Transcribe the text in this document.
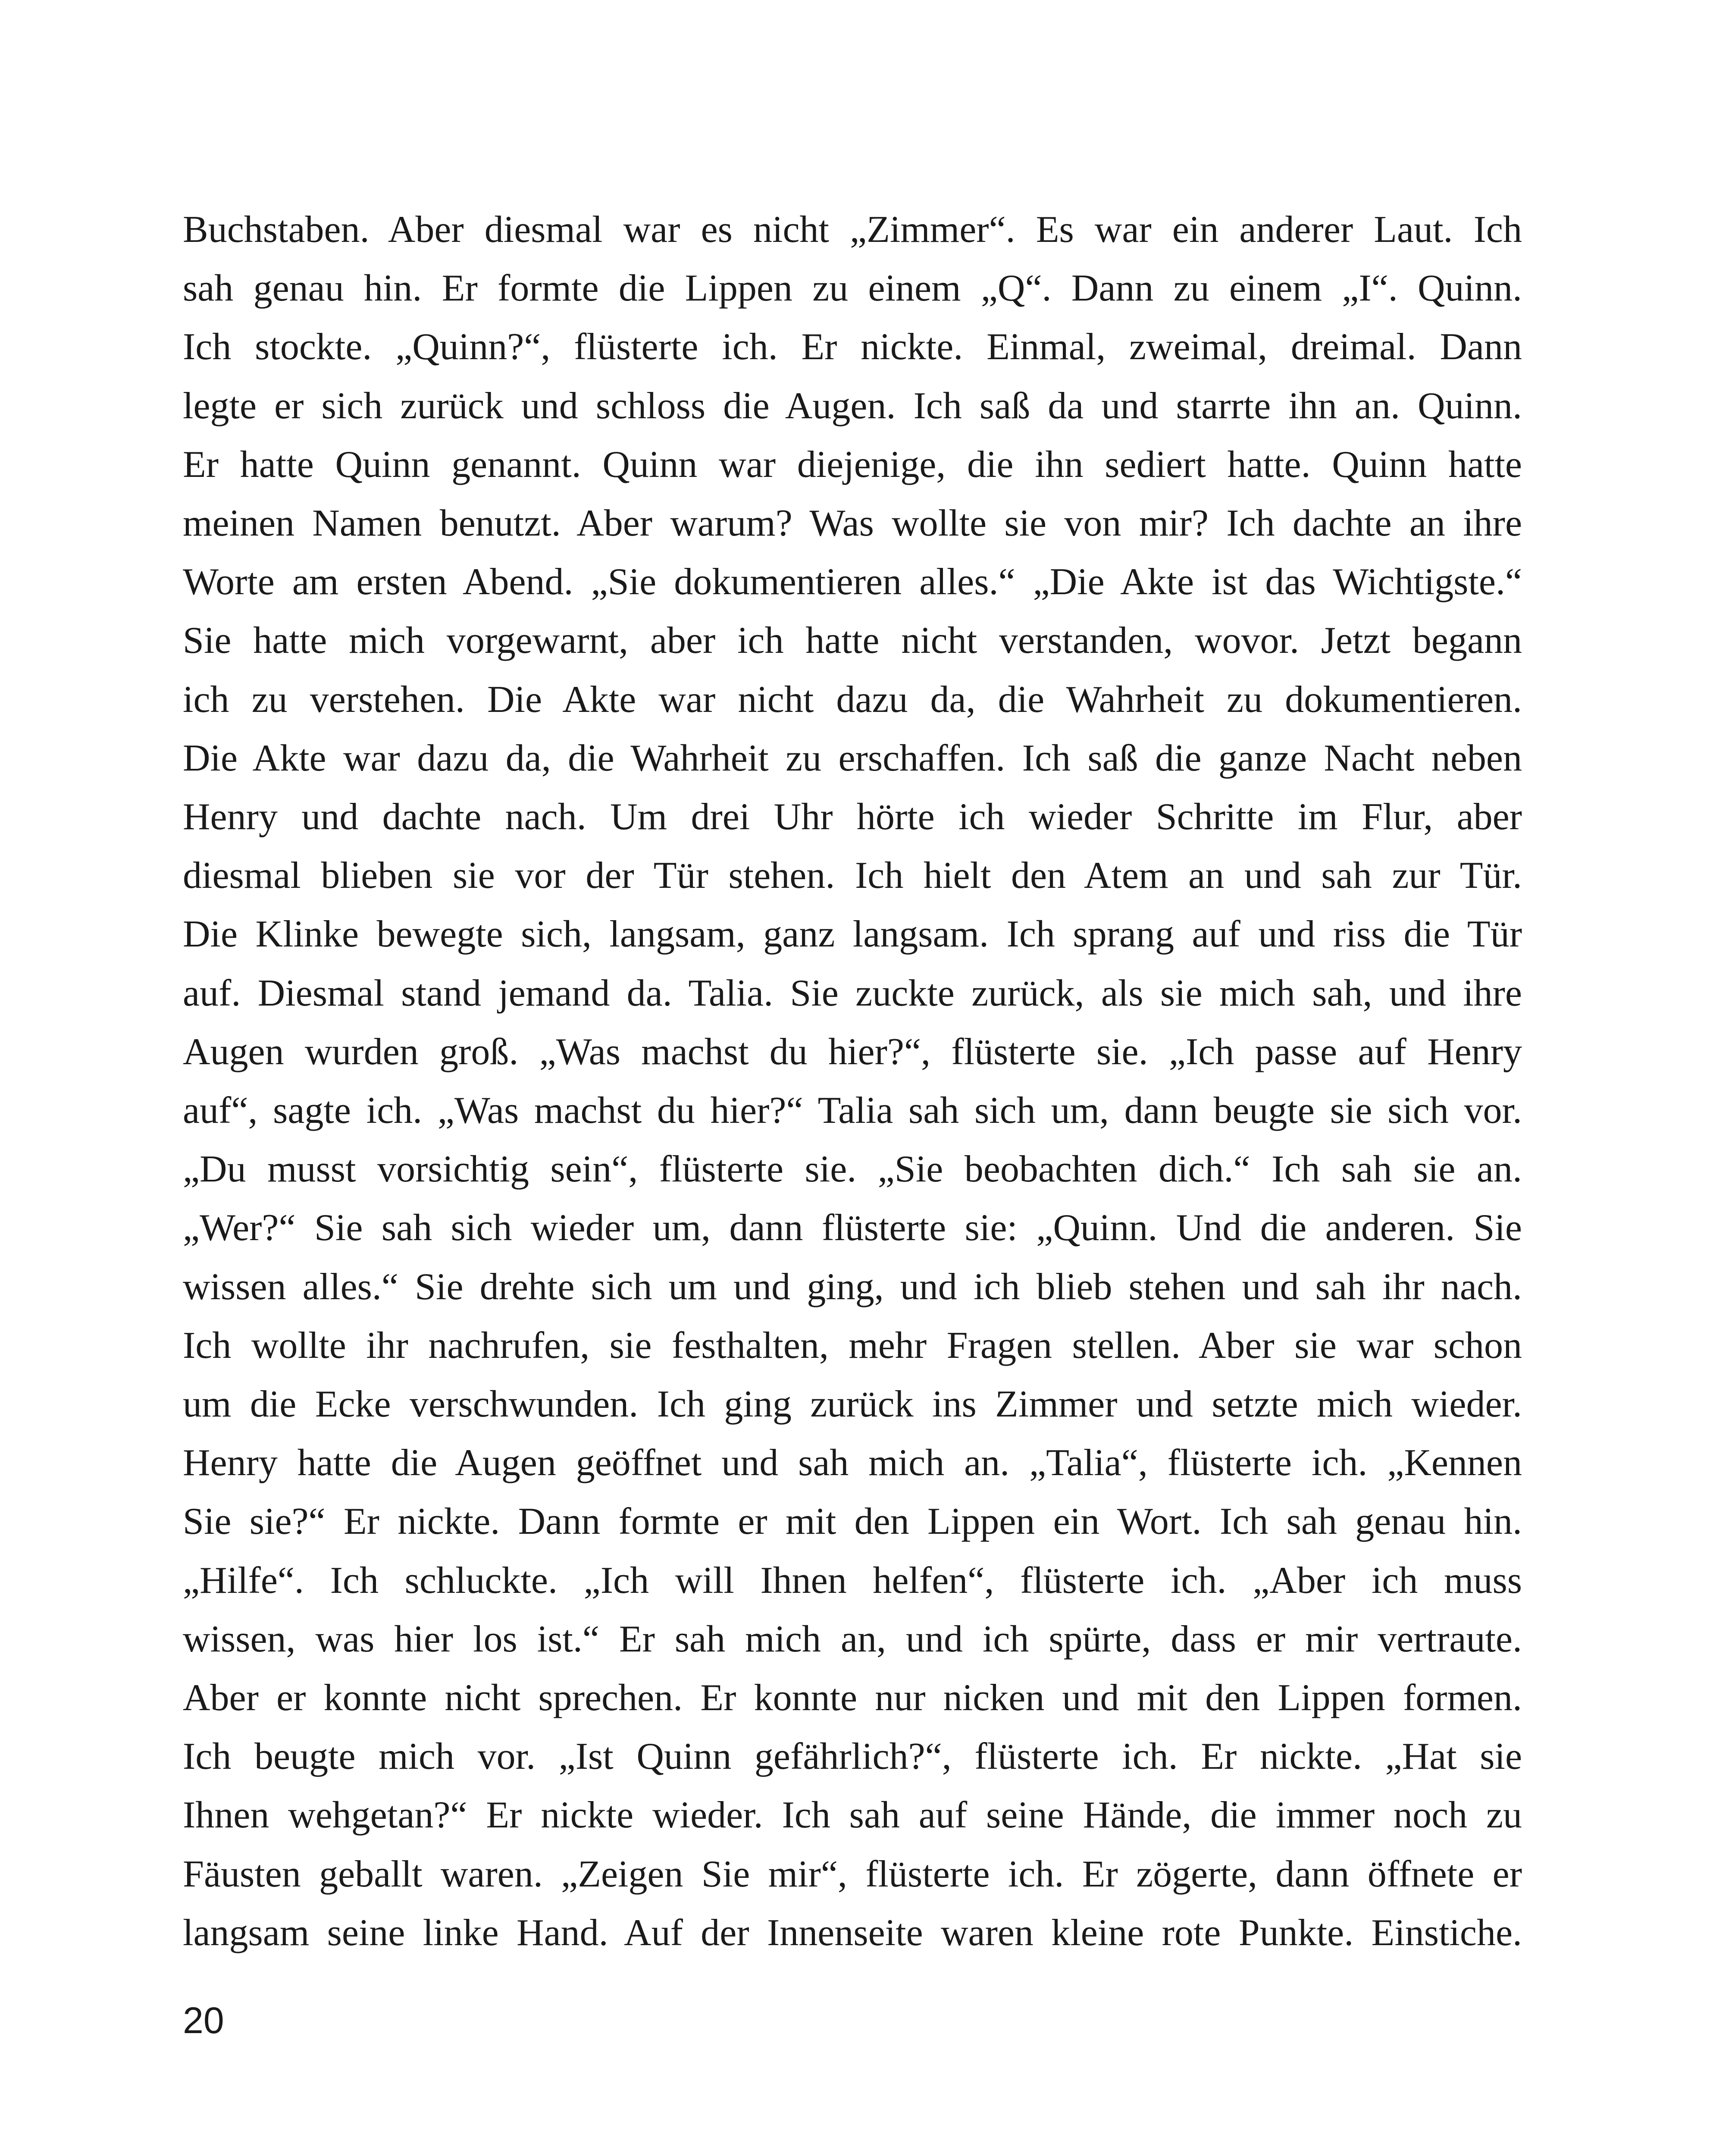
Buchstaben. Aber diesmal war es nicht „Zimmer“. Es war ein anderer Laut. Ich
sah genau hin. Er formte die Lippen zu einem „Q“. Dann zu einem „I“. Quinn.
Ich stockte. „Quinn?“, flüsterte ich. Er nickte. Einmal, zweimal, dreimal. Dann
legte er sich zurück und schloss die Augen. Ich saß da und starrte ihn an. Quinn.
Er hatte Quinn genannt. Quinn war diejenige, die ihn sediert hatte. Quinn hatte
meinen Namen benutzt. Aber warum? Was wollte sie von mir? Ich dachte an ihre
Worte am ersten Abend. „Sie dokumentieren alles.“ „Die Akte ist das Wichtigste.“
Sie hatte mich vorgewarnt, aber ich hatte nicht verstanden, wovor. Jetzt begann
ich zu verstehen. Die Akte war nicht dazu da, die Wahrheit zu dokumentieren.
Die Akte war dazu da, die Wahrheit zu erschaffen. Ich saß die ganze Nacht neben
Henry und dachte nach. Um drei Uhr hörte ich wieder Schritte im Flur, aber
diesmal blieben sie vor der Tür stehen. Ich hielt den Atem an und sah zur Tür.
Die Klinke bewegte sich, langsam, ganz langsam. Ich sprang auf und riss die Tür
auf. Diesmal stand jemand da. Talia. Sie zuckte zurück, als sie mich sah, und ihre
Augen wurden groß. „Was machst du hier?“, flüsterte sie. „Ich passe auf Henry
auf“, sagte ich. „Was machst du hier?“ Talia sah sich um, dann beugte sie sich vor.
„Du musst vorsichtig sein“, flüsterte sie. „Sie beobachten dich.“ Ich sah sie an.
„Wer?“ Sie sah sich wieder um, dann flüsterte sie: „Quinn. Und die anderen. Sie
wissen alles.“ Sie drehte sich um und ging, und ich blieb stehen und sah ihr nach.
Ich wollte ihr nachrufen, sie festhalten, mehr Fragen stellen. Aber sie war schon
um die Ecke verschwunden. Ich ging zurück ins Zimmer und setzte mich wieder.
Henry hatte die Augen geöffnet und sah mich an. „Talia“, flüsterte ich. „Kennen
Sie sie?“ Er nickte. Dann formte er mit den Lippen ein Wort. Ich sah genau hin.
„Hilfe“. Ich schluckte. „Ich will Ihnen helfen“, flüsterte ich. „Aber ich muss
wissen, was hier los ist.“ Er sah mich an, und ich spürte, dass er mir vertraute.
Aber er konnte nicht sprechen. Er konnte nur nicken und mit den Lippen formen.
Ich beugte mich vor. „Ist Quinn gefährlich?“, flüsterte ich. Er nickte. „Hat sie
Ihnen wehgetan?“ Er nickte wieder. Ich sah auf seine Hände, die immer noch zu
Fäusten geballt waren. „Zeigen Sie mir“, flüsterte ich. Er zögerte, dann öffnete er
langsam seine linke Hand. Auf der Innenseite waren kleine rote Punkte. Einstiche.

20
